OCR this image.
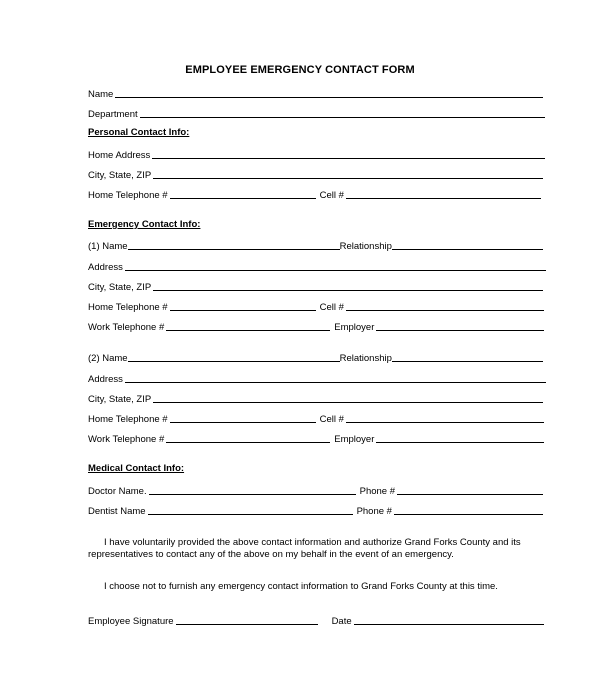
EMPLOYEE EMERGENCY CONTACT FORM
Name
Department
Personal Contact Info:
Home Address
City, State, ZIP
Home Telephone #	Cell #
Emergency Contact Info:
(1) Name	Relationship
Address
City, State, ZIP
Home Telephone #	Cell #
Work Telephone #	Employer
(2) Name	Relationship
Address
City, State, ZIP
Home Telephone #	Cell #
Work Telephone #	Employer
Medical Contact Info:
Doctor Name.	Phone #
Dentist Name	Phone #
I have voluntarily provided the above contact information and authorize Grand Forks County and its representatives to contact any of the above on my behalf in the event of an emergency.
I choose not to furnish any emergency contact information to Grand Forks County at this time.
Employee Signature	Date
